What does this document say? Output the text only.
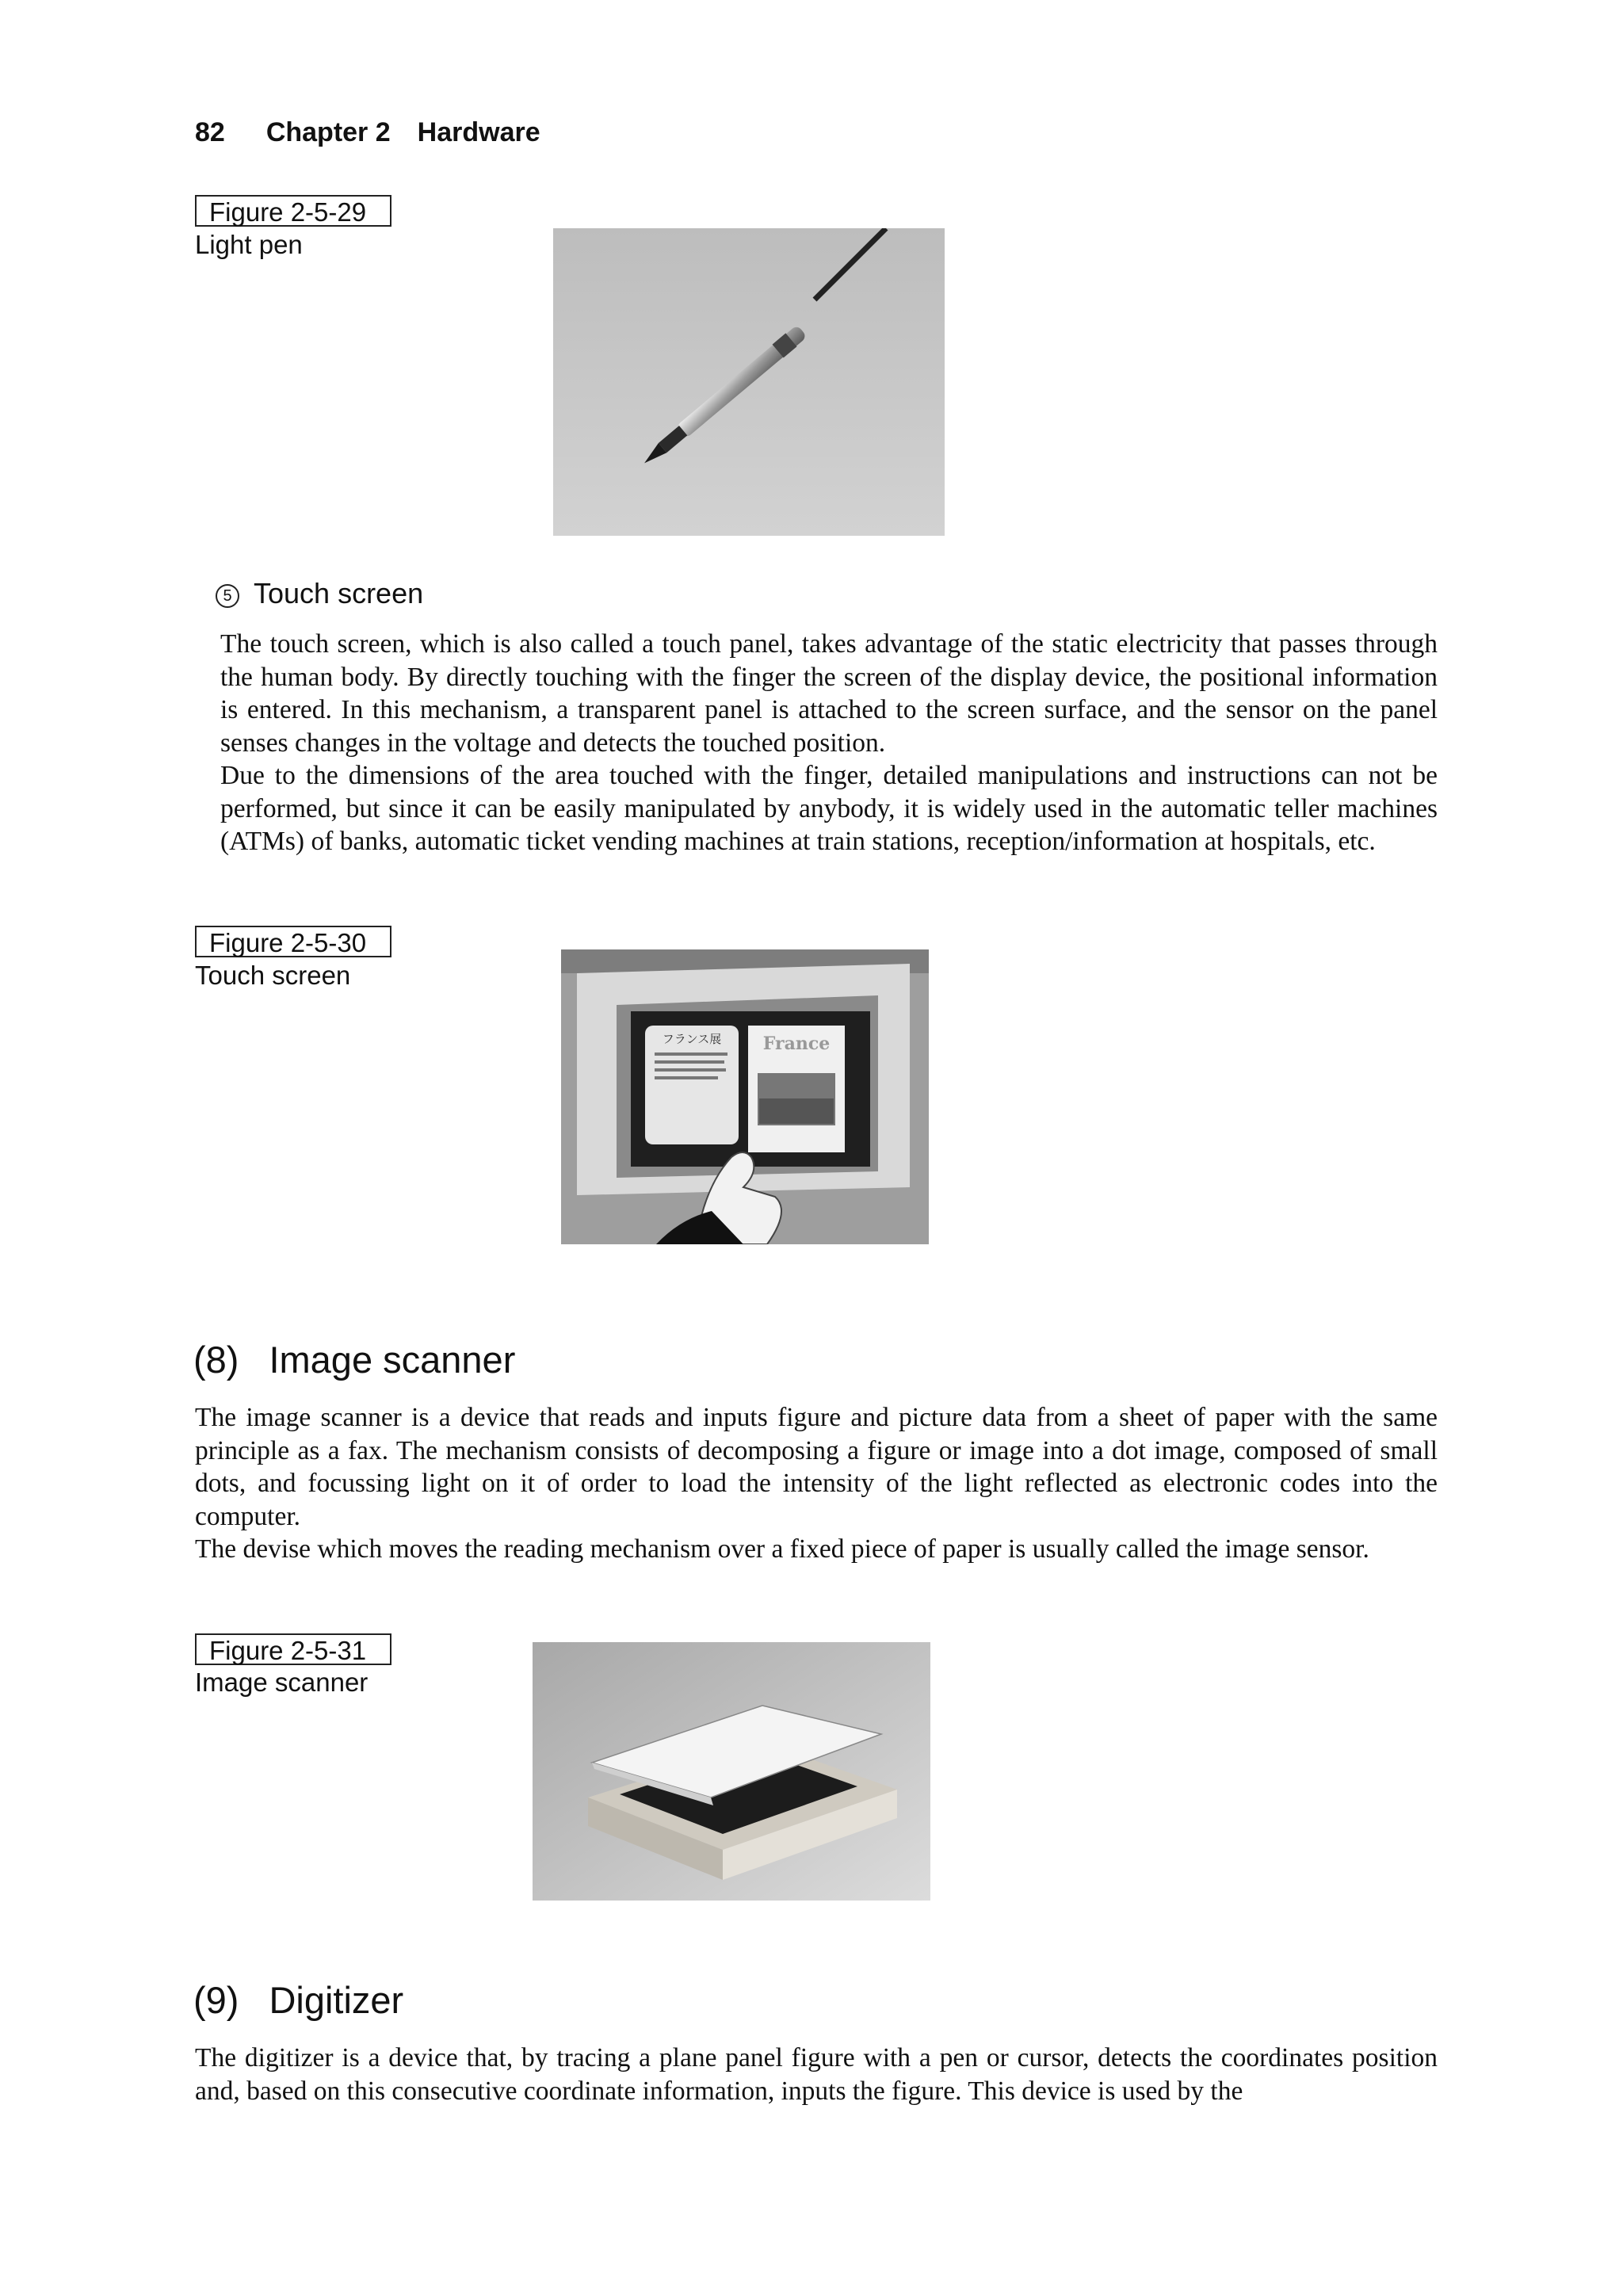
82 Chapter 2 Hardware
Figure 2-5-29
Light pen
5 Touch screen
The touch screen, which is also called a touch panel, takes advantage of the static electricity that passes through the human body. By directly touching with the finger the screen of the display device, the positional information is entered. In this mechanism, a transparent panel is attached to the screen surface, and the sensor on the panel senses changes in the voltage and detects the touched position.
Due to the dimensions of the area touched with the finger, detailed manipulations and instructions can not be performed, but since it can be easily manipulated by anybody, it is widely used in the automatic teller machines (ATMs) of banks, automatic ticket vending machines at train stations, reception/information at hospitals, etc.
Figure 2-5-30
Touch screen
フランス展 France
(8) Image scanner
The image scanner is a device that reads and inputs figure and picture data from a sheet of paper with the same principle as a fax. The mechanism consists of decomposing a figure or image into a dot image, composed of small dots, and focussing light on it of order to load the intensity of the light reflected as electronic codes into the computer.
The devise which moves the reading mechanism over a fixed piece of paper is usually called the image sensor.
Figure 2-5-31
Image scanner
(9) Digitizer
The digitizer is a device that, by tracing a plane panel figure with a pen or cursor, detects the coordinates position and, based on this consecutive coordinate information, inputs the figure. This device is used by the
